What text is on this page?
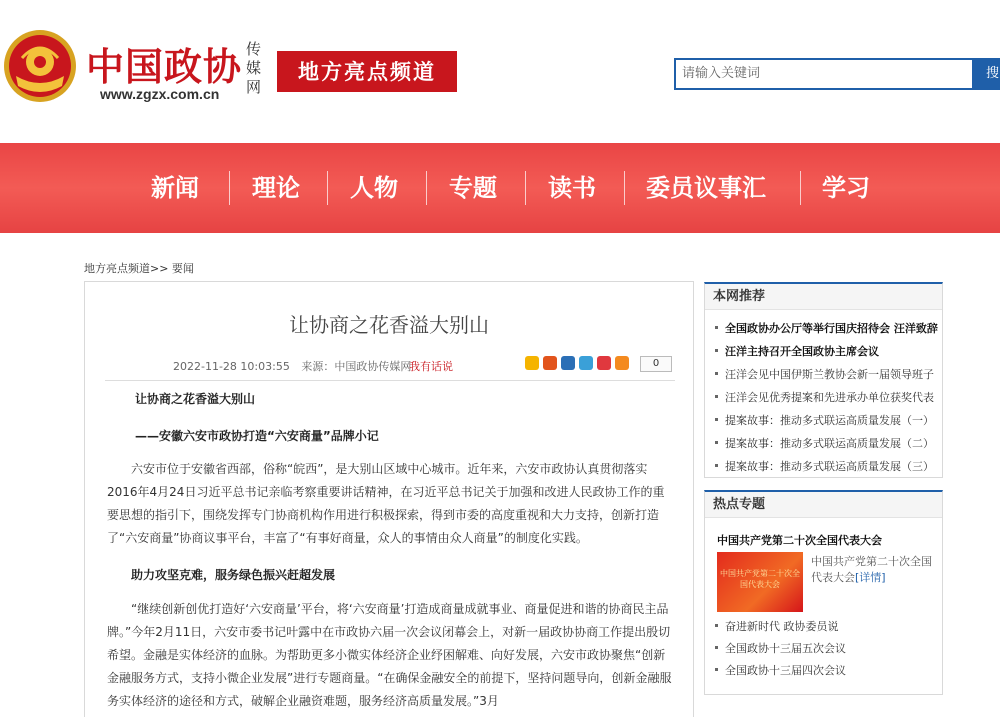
中国政协
www.zgzx.com.cn
传媒网
地方亮点频道	请输入关键词	搜
新闻 理论 人物 专题 读书 委员议事汇 学习
地方亮点频道>> 要闻
让协商之花香溢大别山
2022-11-28 10:03:55 来源：中国政协传媒网
我有话说	0
让协商之花香溢大别山
——安徽六安市政协打造“六安商量”品牌小记
六安市位于安徽省西部，俗称“皖西”，是大别山区域中心城市。近年来，六安市政协认真贯彻落实2016年4月24日习近平总书记亲临考察重要讲话精神，在习近平总书记关于加强和改进人民政协工作的重要思想的指引下，围绕发挥专门协商机构作用进行积极探索，得到市委的高度重视和大力支持，创新打造了“六安商量”协商议事平台，丰富了“有事好商量，众人的事情由众人商量”的制度化实践。
助力攻坚克难，服务绿色振兴赶超发展
“继续创新创优打造好‘六安商量’平台，将‘六安商量’打造成商量成就事业、商量促进和谐的协商民主品牌。”今年2月11日，六安市委书记叶露中在市政协六届一次会议闭幕会上，对新一届政协协商工作提出殷切希望。金融是实体经济的血脉。为帮助更多小微实体经济企业纾困解难、向好发展，六安市政协聚焦“创新金融服务方式，支持小微企业发展”进行专题商量。“在确保金融安全的前提下，坚持问题导向，创新金融服务实体经济的途径和方式，破解企业融资难题，服务经济高质量发展。”3月
本网推荐
全国政协办公厅等举行国庆招待会 汪洋致辞
汪洋主持召开全国政协主席会议
汪洋会见中国伊斯兰教协会新一届领导班子
汪洋会见优秀提案和先进承办单位获奖代表
提案故事：推动多式联运高质量发展（一）
提案故事：推动多式联运高质量发展（二）
提案故事：推动多式联运高质量发展（三）
热点专题
中国共产党第二十次全国代表大会
中国共产党第二十次全国代表大会
中国共产党第二十次全国代表大会[详情]
奋进新时代 政协委员说
全国政协十三届五次会议
全国政协十三届四次会议
